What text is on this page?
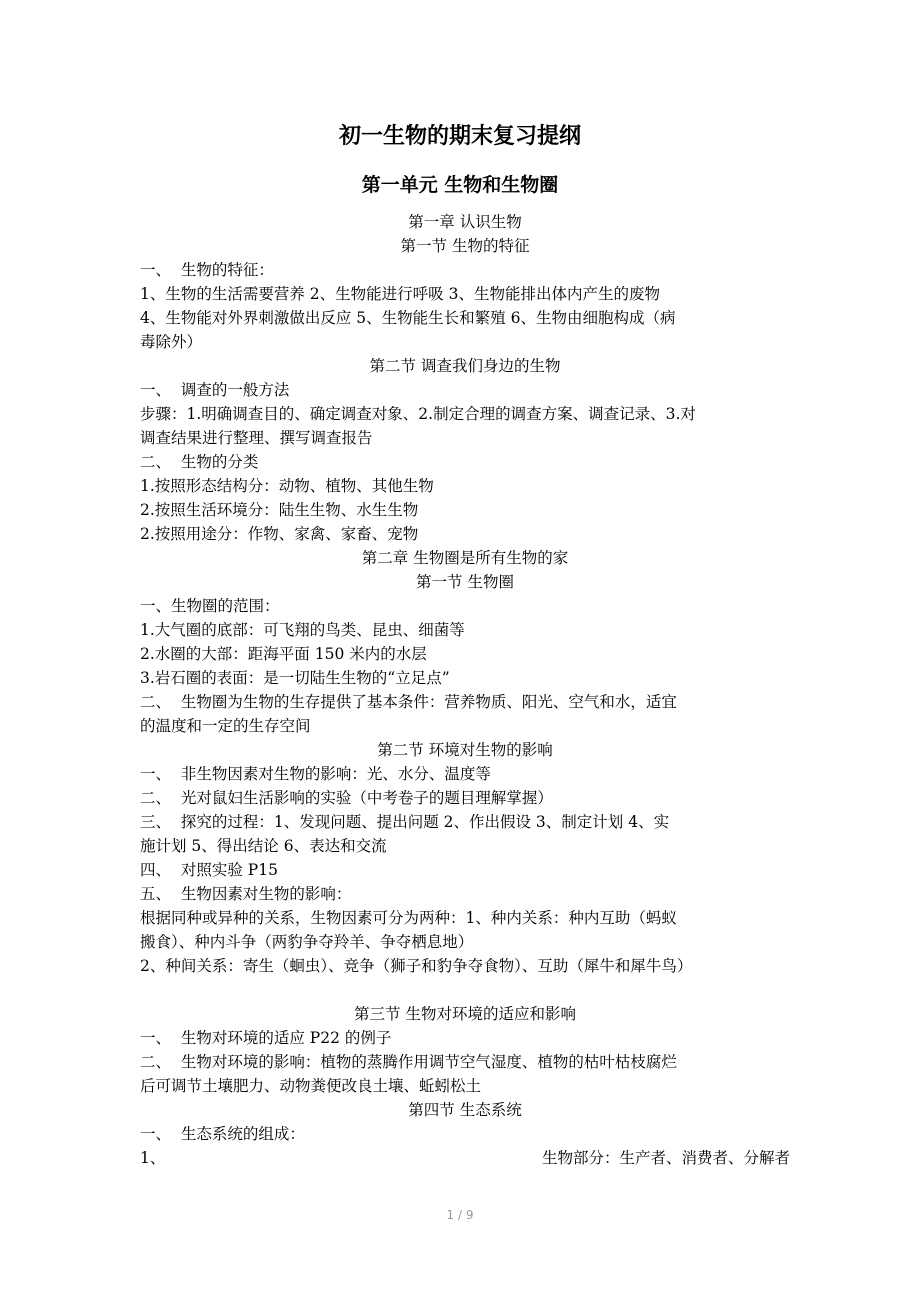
初一生物的期末复习提纲
第一单元 生物和生物圈
第一章 认识生物
第一节 生物的特征
一、  生物的特征：
1、生物的生活需要营养 2、生物能进行呼吸 3、生物能排出体内产生的废物
4、生物能对外界刺激做出反应 5、生物能生长和繁殖 6、生物由细胞构成（病
毒除外）
第二节 调查我们身边的生物
一、  调查的一般方法
步骤：1.明确调查目的、确定调查对象、2.制定合理的调查方案、调查记录、3.对
调查结果进行整理、撰写调查报告
二、  生物的分类
1.按照形态结构分：动物、植物、其他生物
2.按照生活环境分：陆生生物、水生生物
2.按照用途分：作物、家禽、家畜、宠物
第二章 生物圈是所有生物的家
第一节 生物圈
一、生物圈的范围：
1.大气圈的底部：可飞翔的鸟类、昆虫、细菌等
2.水圈的大部：距海平面 150 米内的水层
3.岩石圈的表面：是一切陆生生物的“立足点”
二、  生物圈为生物的生存提供了基本条件：营养物质、阳光、空气和水，适宜
的温度和一定的生存空间
第二节 环境对生物的影响
一、  非生物因素对生物的影响：光、水分、温度等
二、  光对鼠妇生活影响的实验（中考卷子的题目理解掌握）
三、  探究的过程：1、发现问题、提出问题 2、作出假设 3、制定计划 4、实
施计划 5、得出结论 6、表达和交流
四、  对照实验 P15
五、  生物因素对生物的影响：
根据同种或异种的关系，生物因素可分为两种：1、种内关系：种内互助（蚂蚁
搬食）、种内斗争（两豹争夺羚羊、争夺栖息地）
2、种间关系：寄生（蛔虫）、竞争（狮子和豹争夺食物）、互助（犀牛和犀牛鸟）
第三节 生物对环境的适应和影响
一、  生物对环境的适应 P22 的例子
二、  生物对环境的影响：植物的蒸腾作用调节空气湿度、植物的枯叶枯枝腐烂
后可调节土壤肥力、动物粪便改良土壤、蚯蚓松土
第四节 生态系统
一、  生态系统的组成：
1、	生物部分：生产者、消费者、分解者
1 / 9
